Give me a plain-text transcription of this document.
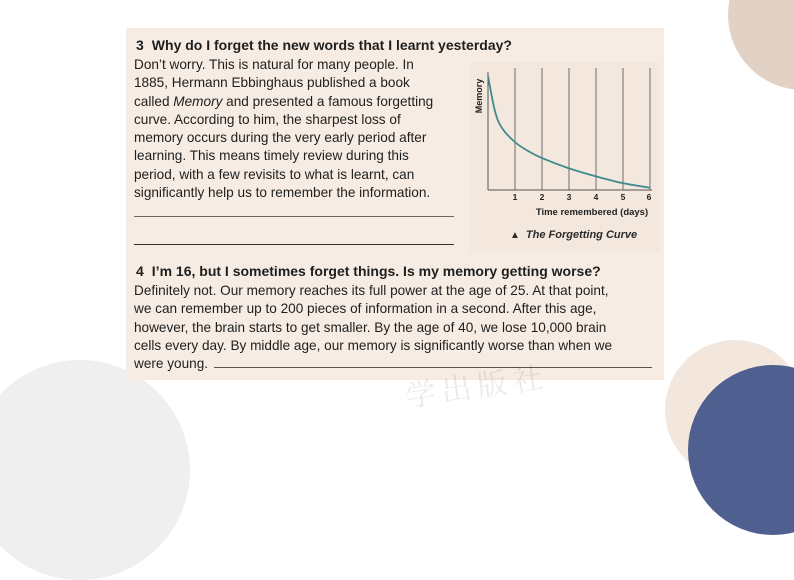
3 Why do I forget the new words that I learnt yesterday?

Don’t worry. This is natural for many people. In

1885, Hermann Ebbinghaus published a book

called Memory and presented a famous forgetting

curve. According to him, the sharpest loss of

memory occurs during the very early period after

learning. This means timely review during this

period, with a few revisits to what is learnt, can

significantly help us to remember the information.

Memory
1	2	3	4	5	6
Time remembered (days)
▲ The Forgetting Curve
4 I’m 16, but I sometimes forget things. Is my memory getting worse?

Definitely not. Our memory reaches its full power at the age of 25. At that point,

we can remember up to 200 pieces of information in a second. After this age,

however, the brain starts to get smaller. By the age of 40, we lose 10,000 brain

cells every day. By middle age, our memory is significantly worse than when we

were young.	学出版社
